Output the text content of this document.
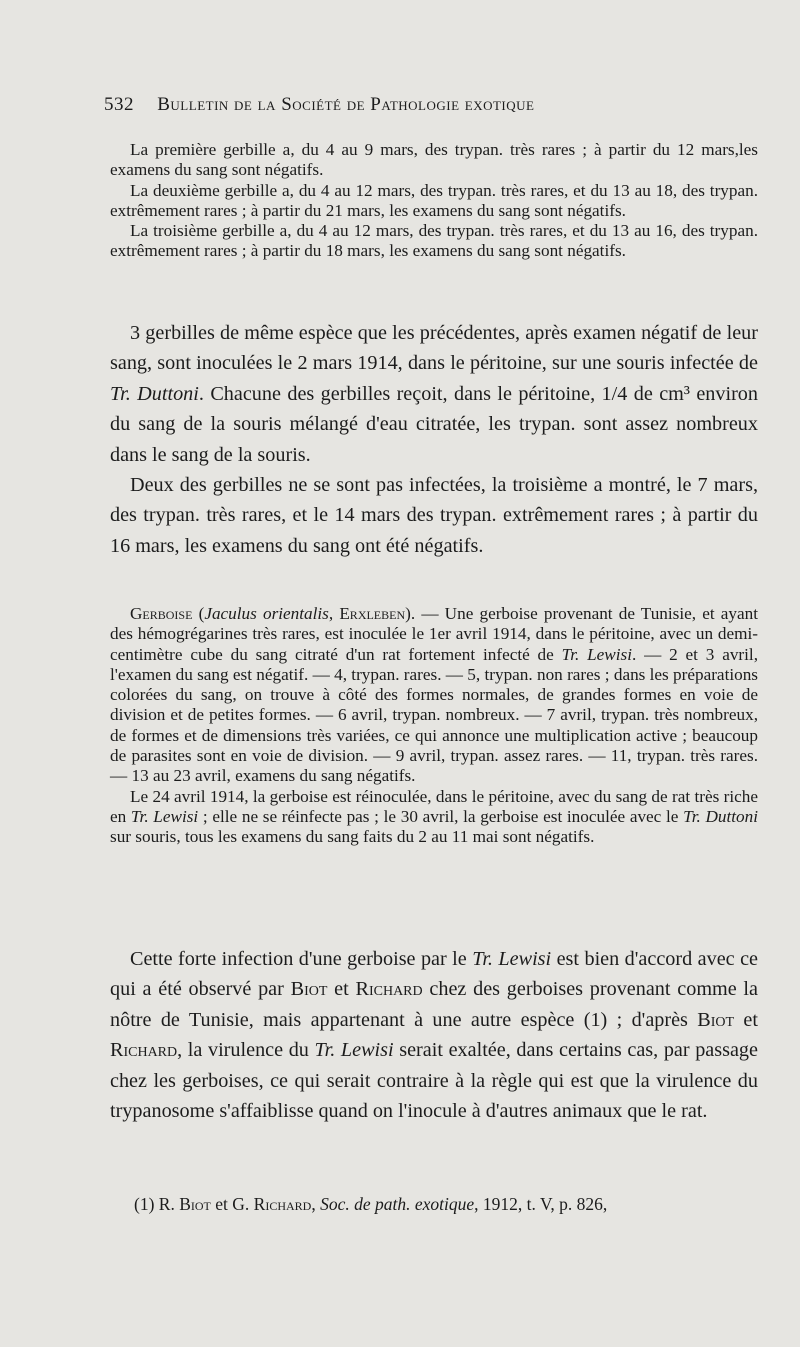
532 Bulletin de la Société de Pathologie exotique

La première gerbille a, du 4 au 9 mars, des trypan. très rares ; à partir du 12 mars,les examens du sang sont négatifs.

La deuxième gerbille a, du 4 au 12 mars, des trypan. très rares, et du 13 au 18, des trypan. extrêmement rares ; à partir du 21 mars, les examens du sang sont négatifs.

La troisième gerbille a, du 4 au 12 mars, des trypan. très rares, et du 13 au 16, des trypan. extrêmement rares ; à partir du 18 mars, les examens du sang sont négatifs.

3 gerbilles de même espèce que les précédentes, après examen négatif de leur sang, sont inoculées le 2 mars 1914, dans le péritoine, sur une souris infectée de Tr. Duttoni. Chacune des gerbilles reçoit, dans le péritoine, 1/4 de cm³ environ du sang de la souris mélangé d'eau citratée, les trypan. sont assez nombreux dans le sang de la souris.

Deux des gerbilles ne se sont pas infectées, la troisième a montré, le 7 mars, des trypan. très rares, et le 14 mars des trypan. extrêmement rares ; à partir du 16 mars, les examens du sang ont été négatifs.

Gerboise (Jaculus orientalis, Erxleben). — Une gerboise provenant de Tunisie, et ayant des hémogrégarines très rares, est inoculée le 1er avril 1914, dans le péritoine, avec un demi-centimètre cube du sang citraté d'un rat fortement infecté de Tr. Lewisi. — 2 et 3 avril, l'examen du sang est négatif. — 4, trypan. rares. — 5, trypan. non rares ; dans les préparations colorées du sang, on trouve à côté des formes normales, de grandes formes en voie de division et de petites formes. — 6 avril, trypan. nombreux. — 7 avril, trypan. très nombreux, de formes et de dimensions très variées, ce qui annonce une multiplication active ; beaucoup de parasites sont en voie de division. — 9 avril, trypan. assez rares. — 11, trypan. très rares. — 13 au 23 avril, examens du sang négatifs.

Le 24 avril 1914, la gerboise est réinoculée, dans le péritoine, avec du sang de rat très riche en Tr. Lewisi ; elle ne se réinfecte pas ; le 30 avril, la gerboise est inoculée avec le Tr. Duttoni sur souris, tous les examens du sang faits du 2 au 11 mai sont négatifs.

Cette forte infection d'une gerboise par le Tr. Lewisi est bien d'accord avec ce qui a été observé par Biot et Richard chez des gerboises provenant comme la nôtre de Tunisie, mais appartenant à une autre espèce (1) ; d'après Biot et Richard, la virulence du Tr. Lewisi serait exaltée, dans certains cas, par passage chez les gerboises, ce qui serait contraire à la règle qui est que la virulence du trypanosome s'affaiblisse quand on l'inocule à d'autres animaux que le rat.

(1) R. Biot et G. Richard, Soc. de path. exotique, 1912, t. V, p. 826,
